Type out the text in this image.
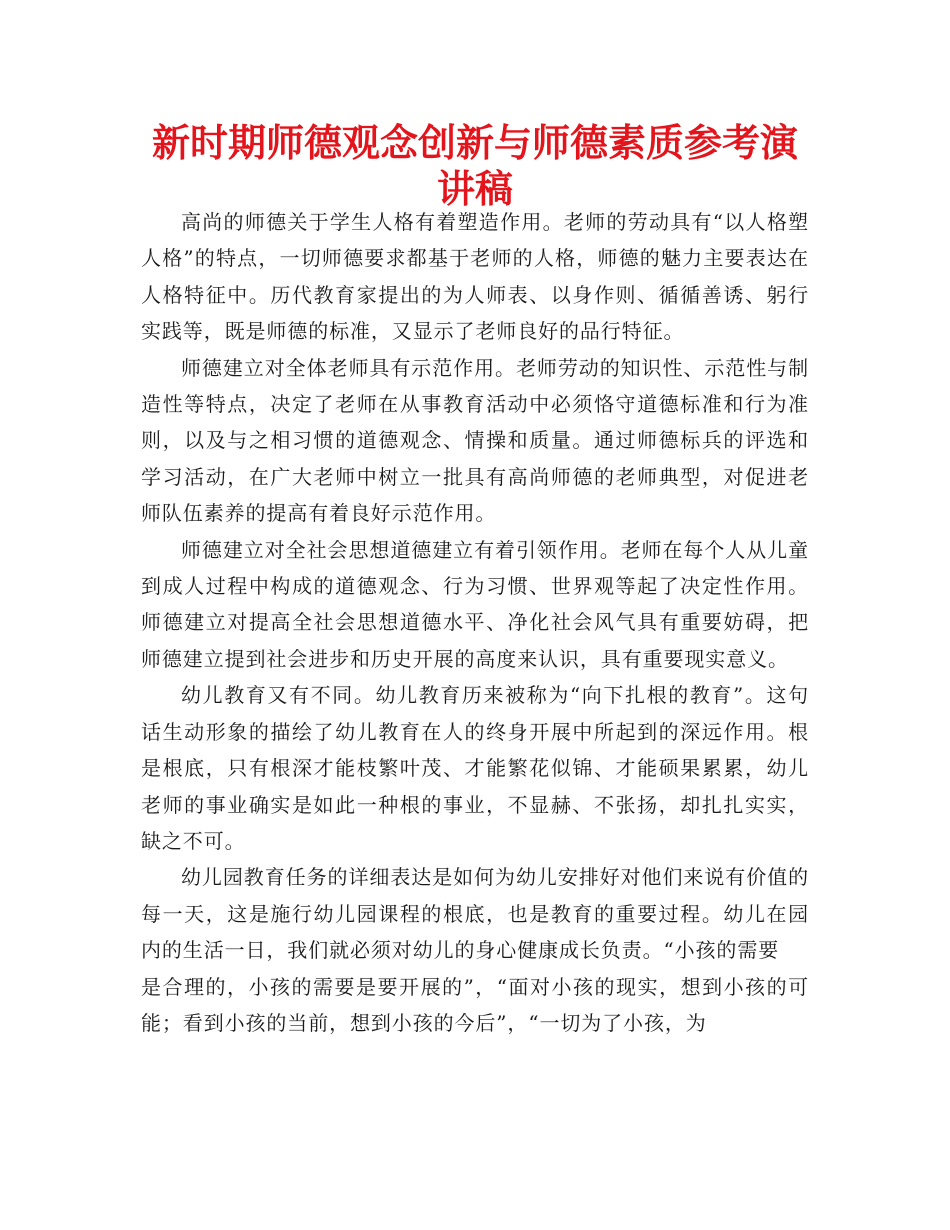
新时期师德观念创新与师德素质参考演讲稿

高尚的师德关于学生人格有着塑造作用。老师的劳动具有“以人格塑人格”的特点，一切师德要求都基于老师的人格，师德的魅力主要表达在人格特征中。历代教育家提出的为人师表、以身作则、循循善诱、躬行实践等，既是师德的标准，又显示了老师良好的品行特征。

师德建立对全体老师具有示范作用。老师劳动的知识性、示范性与制造性等特点，决定了老师在从事教育活动中必须恪守道德标准和行为准则，以及与之相习惯的道德观念、情操和质量。通过师德标兵的评选和学习活动，在广大老师中树立一批具有高尚师德的老师典型，对促进老师队伍素养的提高有着良好示范作用。

师德建立对全社会思想道德建立有着引领作用。老师在每个人从儿童到成人过程中构成的道德观念、行为习惯、世界观等起了决定性作用。师德建立对提高全社会思想道德水平、净化社会风气具有重要妨碍，把师德建立提到社会进步和历史开展的高度来认识，具有重要现实意义。

幼儿教育又有不同。幼儿教育历来被称为“向下扎根的教育”。这句话生动形象的描绘了幼儿教育在人的终身开展中所起到的深远作用。根是根底，只有根深才能枝繁叶茂、才能繁花似锦、才能硕果累累，幼儿老师的事业确实是如此一种根的事业，不显赫、不张扬，却扎扎实实，缺之不可。

幼儿园教育任务的详细表达是如何为幼儿安排好对他们来说有价值的每一天，这是施行幼儿园课程的根底，也是教育的重要过程。幼儿在园内的生活一日，我们就必须对幼儿的身心健康成长负责。“小孩的需要

是合理的，小孩的需要是要开展的”，“面对小孩的现实，想到小孩的可能；看到小孩的当前，想到小孩的今后”，“一切为了小孩，为
